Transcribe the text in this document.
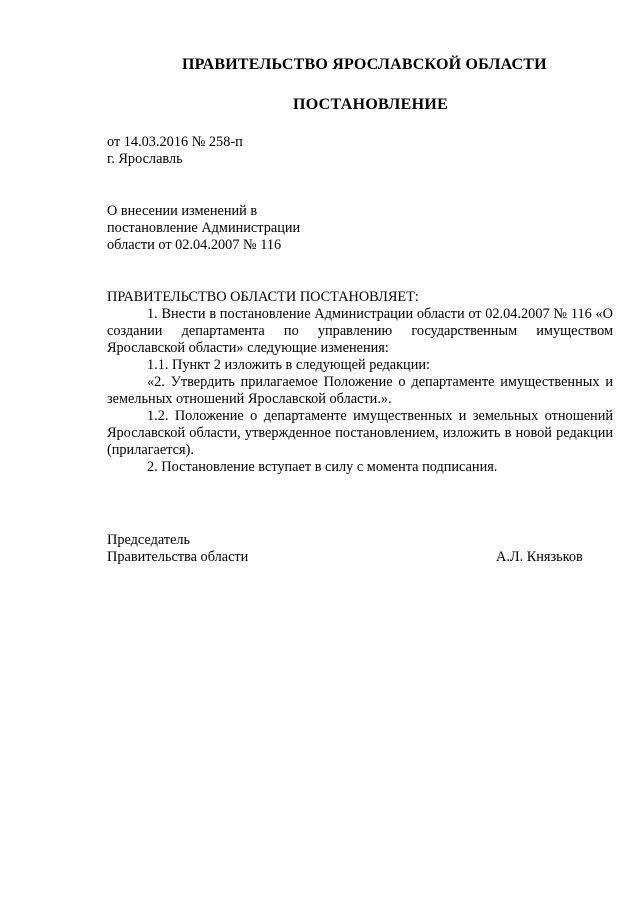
ПРАВИТЕЛЬСТВО ЯРОСЛАВСКОЙ ОБЛАСТИ
ПОСТАНОВЛЕНИЕ
от 14.03.2016 № 258-п
г. Ярославль
О внесении изменений в
постановление Администрации
области от 02.04.2007 № 116

ПРАВИТЕЛЬСТВО ОБЛАСТИ ПОСТАНОВЛЯЕТ:

1. Внести в постановление Администрации области от 02.04.2007 № 116 «О создании департамента по управлению государственным имуществом Ярославской области» следующие изменения:

1.1. Пункт 2 изложить в следующей редакции:

«2. Утвердить прилагаемое Положение о департаменте имущественных и земельных отношений Ярославской области.».

1.2. Положение о департаменте имущественных и земельных отношений Ярославской области, утвержденное постановлением, изложить в новой редакции (прилагается).

2. Постановление вступает в силу с момента подписания.

Председатель
Правительства области	А.Л. Князьков
